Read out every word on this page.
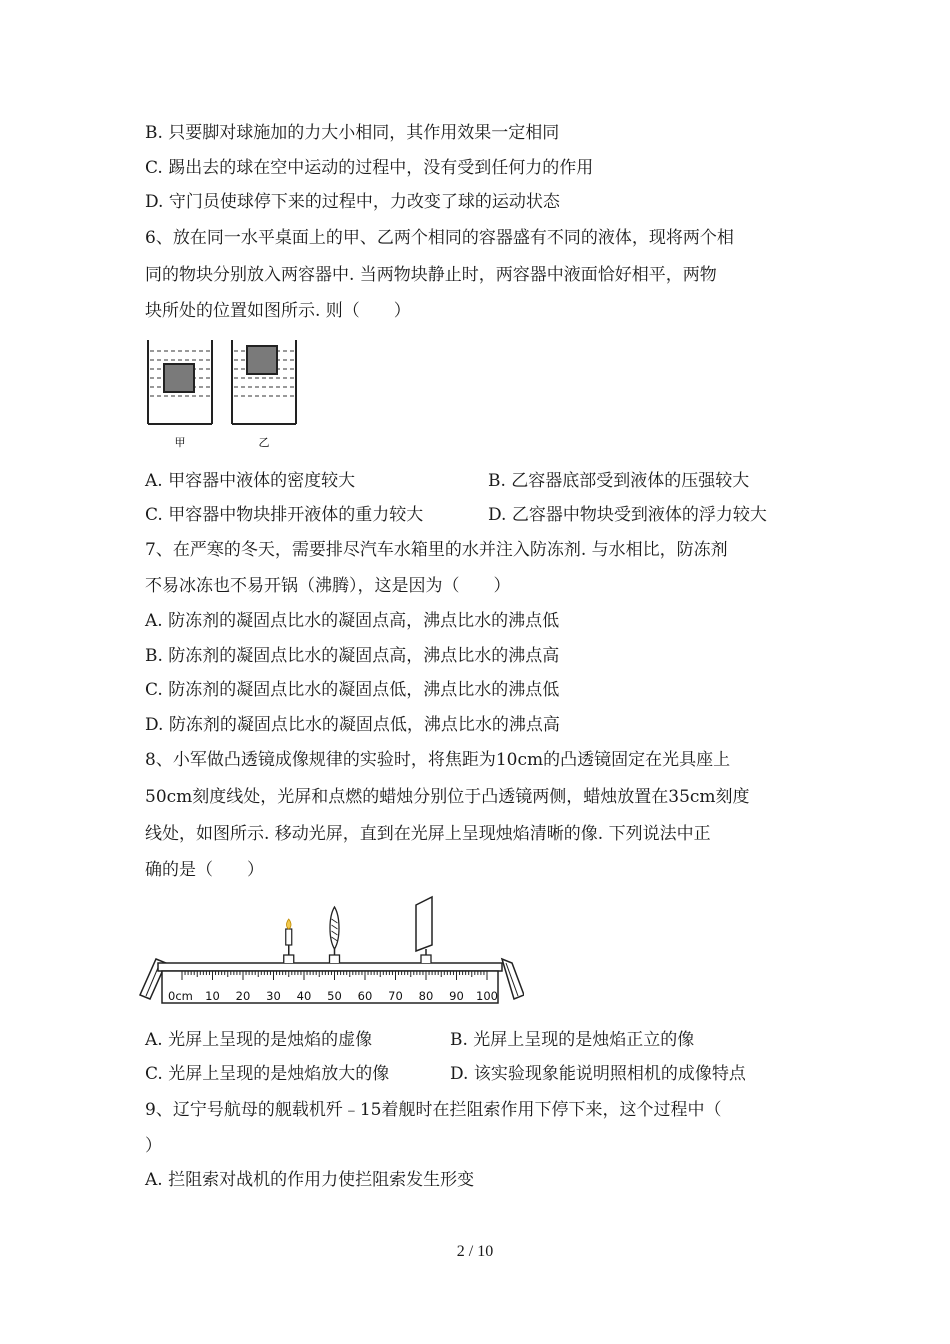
B. 只要脚对球施加的力大小相同，其作用效果一定相同
C. 踢出去的球在空中运动的过程中，没有受到任何力的作用
D. 守门员使球停下来的过程中，力改变了球的运动状态
6、放在同一水平桌面上的甲、乙两个相同的容器盛有不同的液体，现将两个相
同的物块分别放入两容器中. 当两物块静止时，两容器中液面恰好相平，两物
块所处的位置如图所示. 则（　　）
甲	乙
A. 甲容器中液体的密度较大	B. 乙容器底部受到液体的压强较大
C. 甲容器中物块排开液体的重力较大	D. 乙容器中物块受到液体的浮力较大
7、在严寒的冬天，需要排尽汽车水箱里的水并注入防冻剂. 与水相比，防冻剂
不易冰冻也不易开锅（沸腾），这是因为（　　）
A. 防冻剂的凝固点比水的凝固点高，沸点比水的沸点低
B. 防冻剂的凝固点比水的凝固点高，沸点比水的沸点高
C. 防冻剂的凝固点比水的凝固点低，沸点比水的沸点低
D. 防冻剂的凝固点比水的凝固点低，沸点比水的沸点高
8、小军做凸透镜成像规律的实验时，将焦距为10cm的凸透镜固定在光具座上
50cm刻度线处，光屏和点燃的蜡烛分别位于凸透镜两侧，蜡烛放置在35cm刻度
线处，如图所示. 移动光屏，直到在光屏上呈现烛焰清晰的像. 下列说法中正
确的是（　　）
0cm 10 20 30 40 50 60 70 80 90 100
A. 光屏上呈现的是烛焰的虚像	B. 光屏上呈现的是烛焰正立的像
C. 光屏上呈现的是烛焰放大的像	D. 该实验现象能说明照相机的成像特点
9、辽宁号航母的舰载机歼﹣15着舰时在拦阻索作用下停下来，这个过程中（
）
A. 拦阻索对战机的作用力使拦阻索发生形变
2 / 10
